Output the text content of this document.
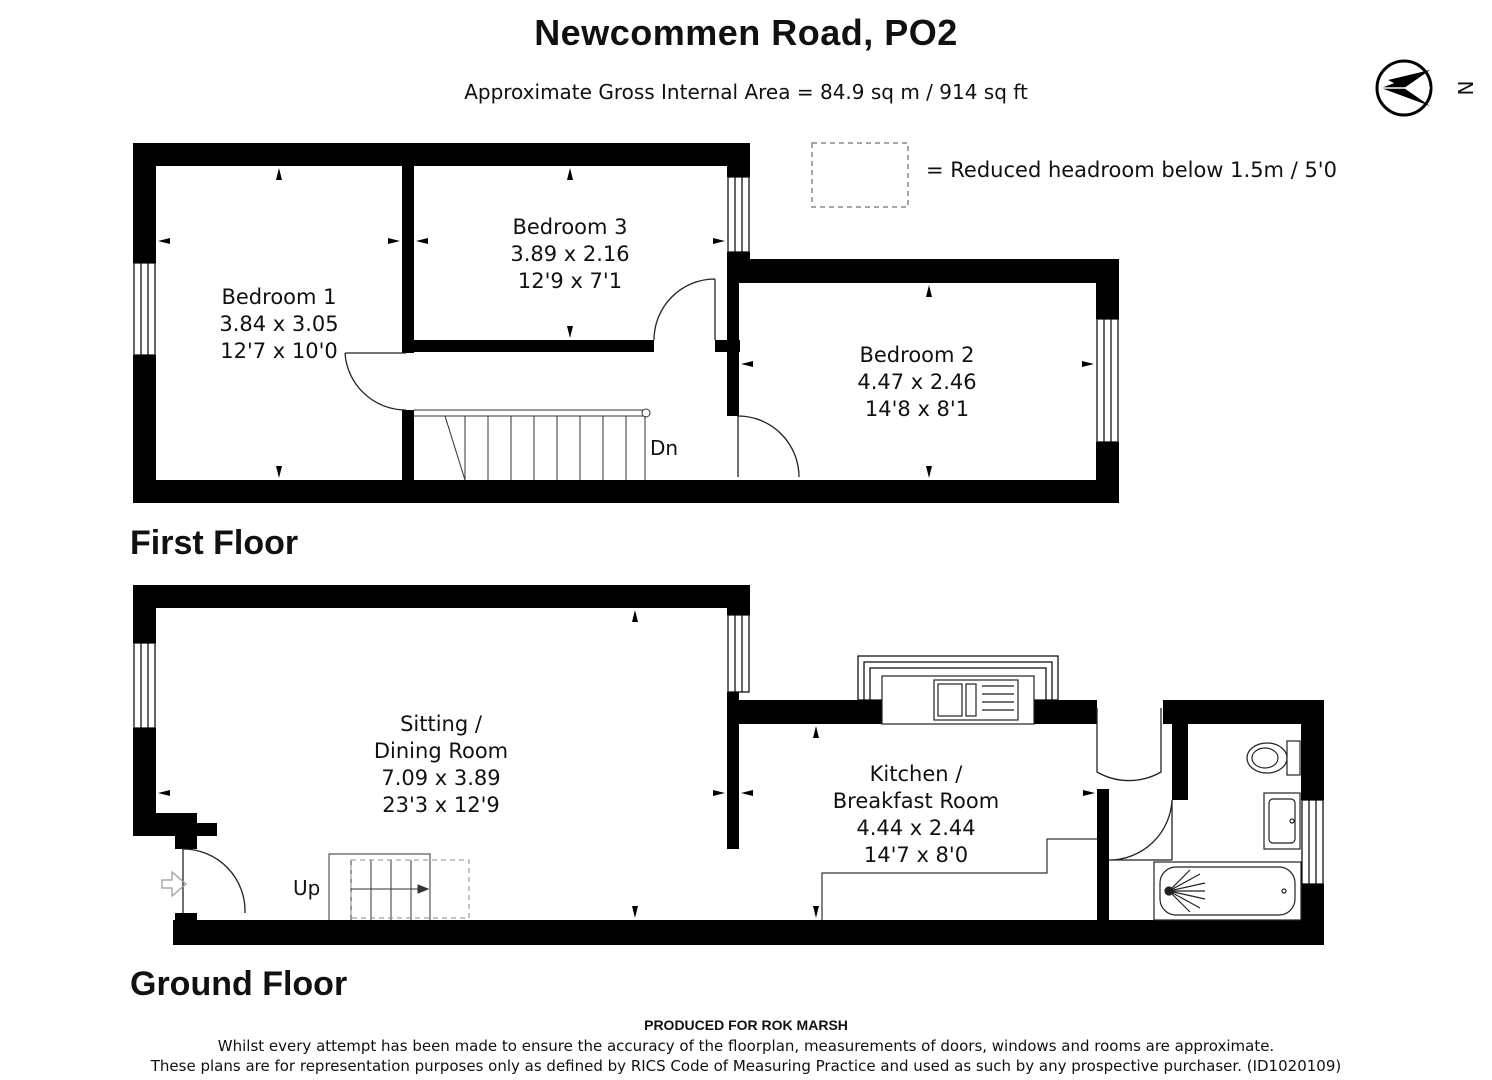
Newcommen Road, PO2
Approximate Gross Internal Area = 84.9 sq m / 914 sq ft
= Reduced headroom below 1.5m / 5'0
First Floor
Ground Floor
PRODUCED FOR ROK MARSH
Whilst every attempt has been made to ensure the accuracy of the floorplan, measurements of doors, windows and rooms are approximate.
These plans are for representation purposes only as defined by RICS Code of Measuring Practice and used as such by any prospective purchaser. (ID1020109)
N
Dn
Bedroom 1
3.84 x 3.05
12'7 x 10'0
Bedroom 3
3.89 x 2.16
12'9 x 7'1
Bedroom 2
4.47 x 2.46
14'8 x 8'1
Up
Sitting /
Dining Room
7.09 x 3.89
23'3 x 12'9
Kitchen /
Breakfast Room
4.44 x 2.44
14'7 x 8'0
